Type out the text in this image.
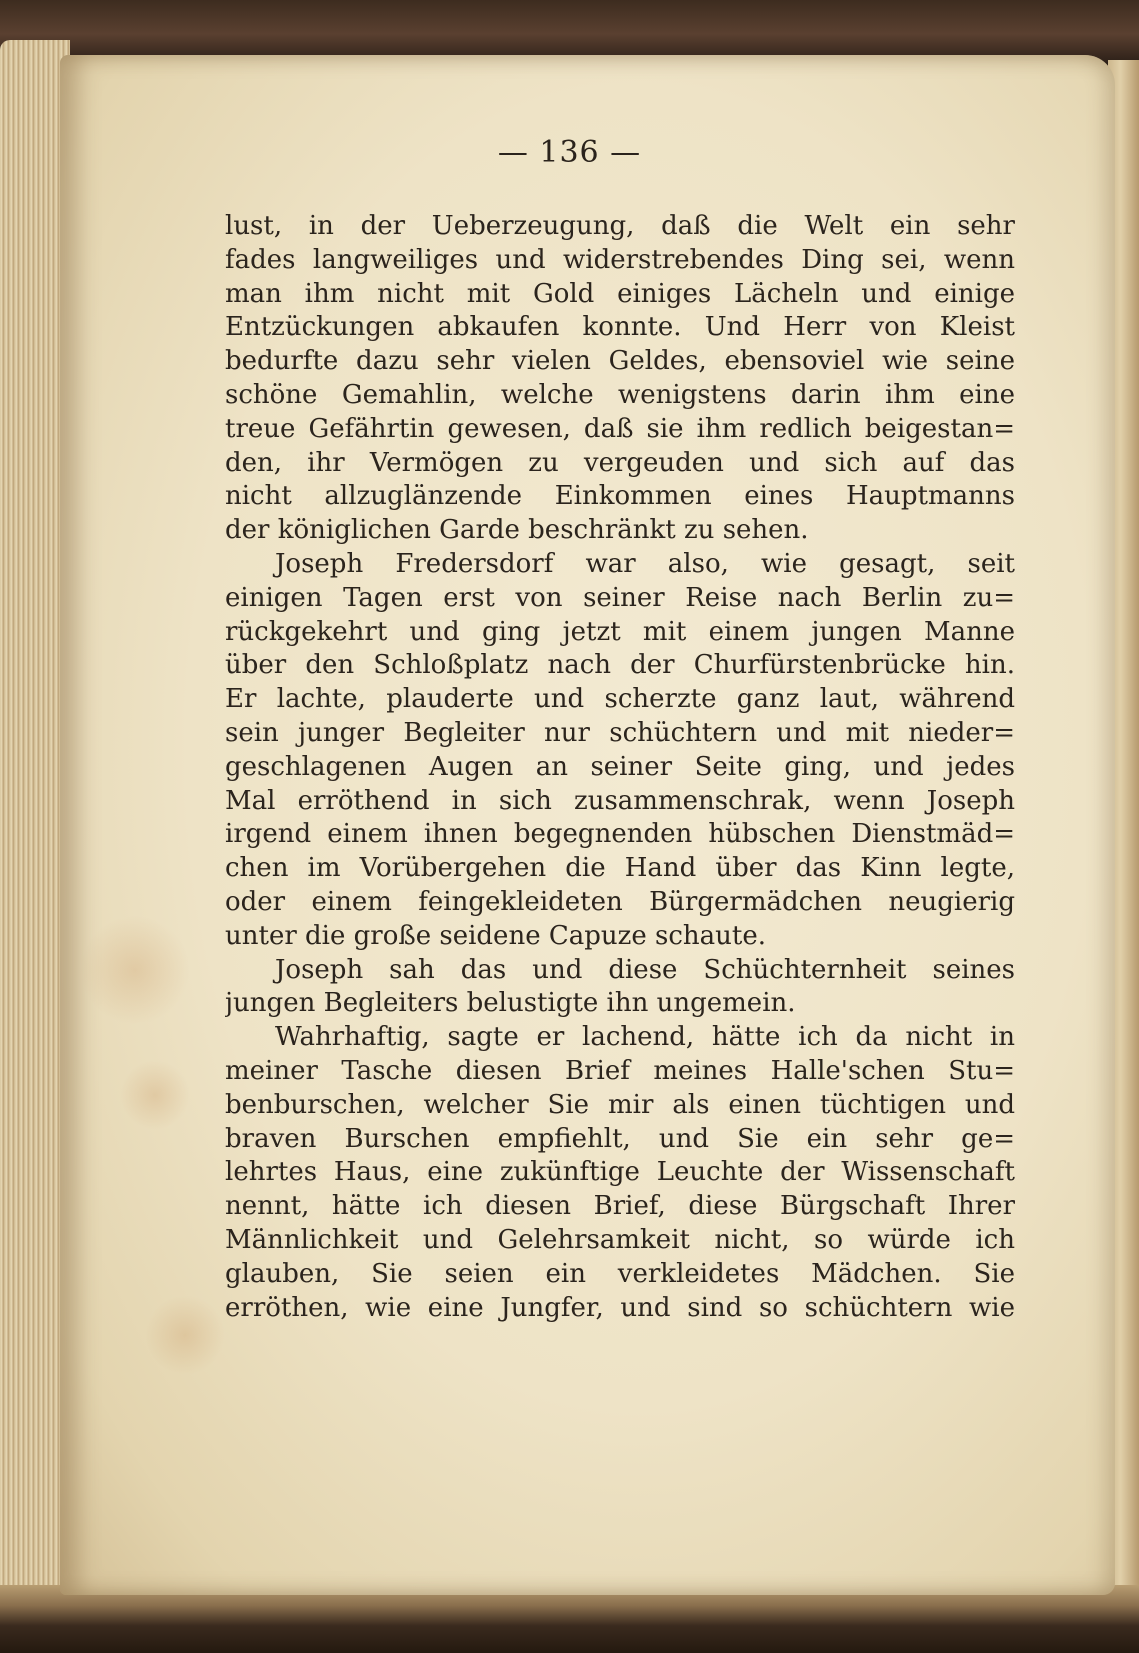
— 136 —
lust, in der Ueberzeugung, daß die Welt ein sehr
fades langweiliges und widerstrebendes Ding sei, wenn
man ihm nicht mit Gold einiges Lächeln und einige
Entzückungen abkaufen konnte. Und Herr von Kleist
bedurfte dazu sehr vielen Geldes, ebensoviel wie seine
schöne Gemahlin, welche wenigstens darin ihm eine
treue Gefährtin gewesen, daß sie ihm redlich beigestan=
den, ihr Vermögen zu vergeuden und sich auf das
nicht allzuglänzende Einkommen eines Hauptmanns
der königlichen Garde beschränkt zu sehen.
Joseph Fredersdorf war also, wie gesagt, seit
einigen Tagen erst von seiner Reise nach Berlin zu=
rückgekehrt und ging jetzt mit einem jungen Manne
über den Schloßplatz nach der Churfürstenbrücke hin.
Er lachte, plauderte und scherzte ganz laut, während
sein junger Begleiter nur schüchtern und mit nieder=
geschlagenen Augen an seiner Seite ging, und jedes
Mal erröthend in sich zusammenschrak, wenn Joseph
irgend einem ihnen begegnenden hübschen Dienstmäd=
chen im Vorübergehen die Hand über das Kinn legte,
oder einem feingekleideten Bürgermädchen neugierig
unter die große seidene Capuze schaute.
Joseph sah das und diese Schüchternheit seines
jungen Begleiters belustigte ihn ungemein.
Wahrhaftig, sagte er lachend, hätte ich da nicht in
meiner Tasche diesen Brief meines Halle'schen Stu=
benburschen, welcher Sie mir als einen tüchtigen und
braven Burschen empfiehlt, und Sie ein sehr ge=
lehrtes Haus, eine zukünftige Leuchte der Wissenschaft
nennt, hätte ich diesen Brief, diese Bürgschaft Ihrer
Männlichkeit und Gelehrsamkeit nicht, so würde ich
glauben, Sie seien ein verkleidetes Mädchen. Sie
erröthen, wie eine Jungfer, und sind so schüchtern wie
